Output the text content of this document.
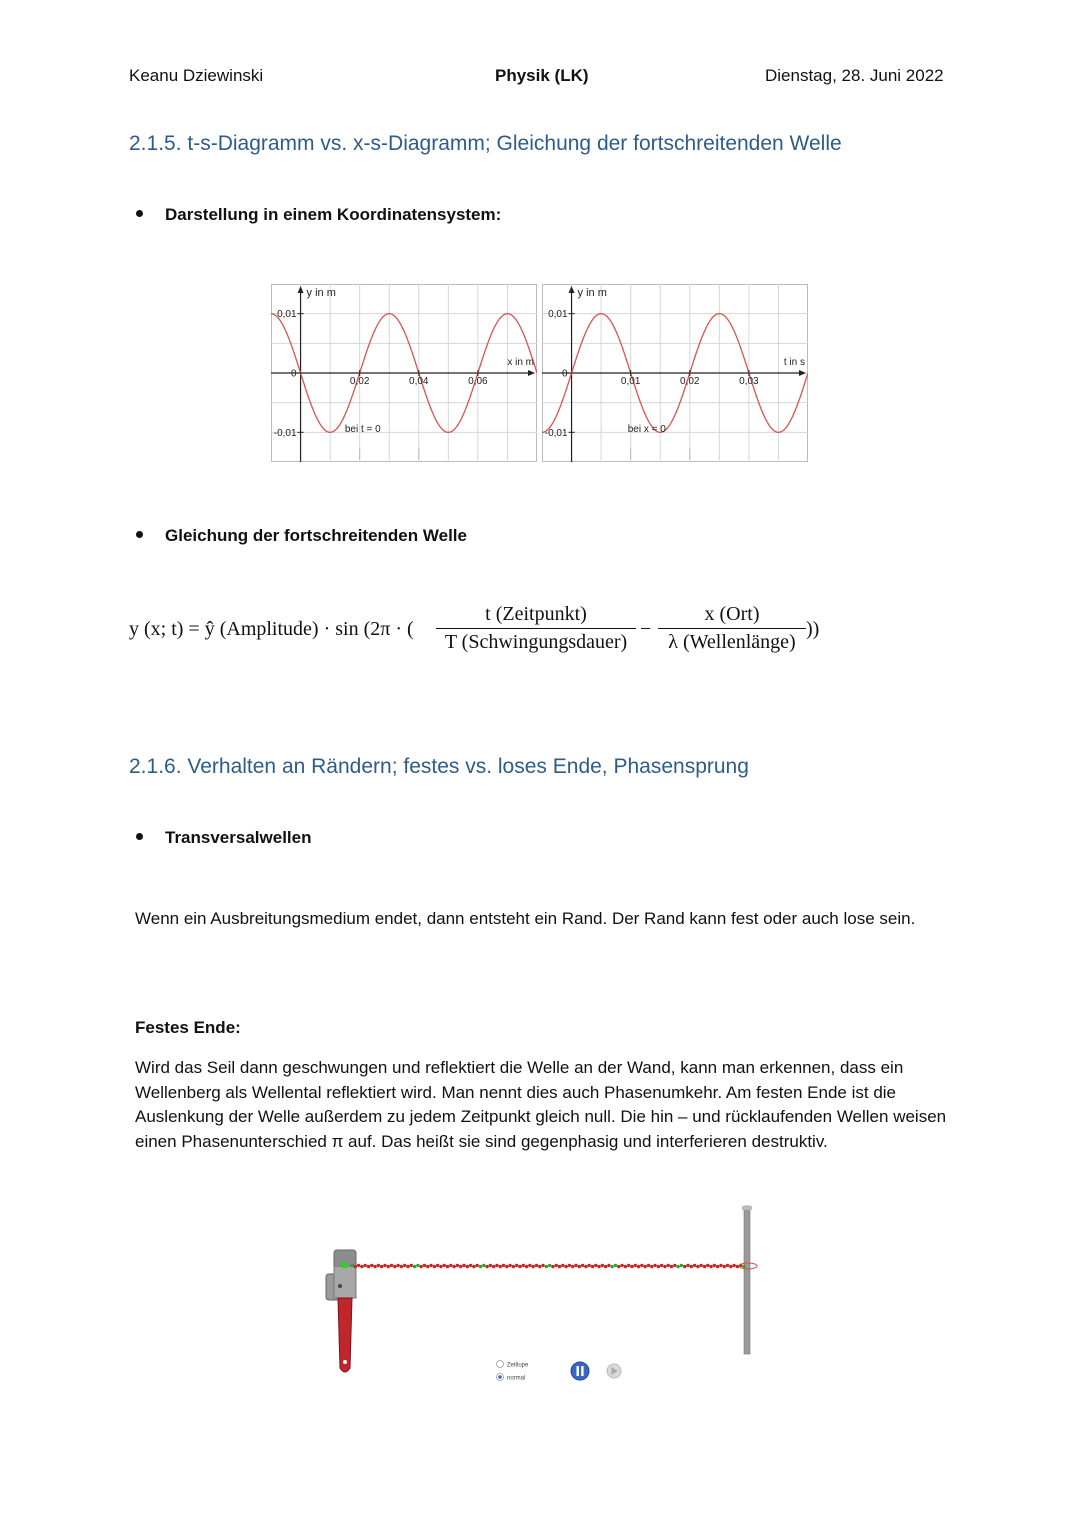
Keanu Dziewinski	Physik (LK)	Dienstag, 28. Juni 2022
2.1.5. t-s-Diagramm vs. x-s-Diagramm; Gleichung der fortschreitenden Welle
Darstellung in einem Koordinatensystem:
0,01
0
-0,01
0,02	0,04	0,06
y in m
x in m
bei t = 0
0,01
0
-0,01
0,01	0,02	0,03
y in m
t in s
bei x = 0
Gleichung der fortschreitenden Welle
y (x; t) = ŷ (Amplitude) · sin (2π · (
t (Zeitpunkt)
T (Schwingungsdauer)
−
x (Ort)
λ (Wellenlänge)
))
2.1.6. Verhalten an Rändern; festes vs. loses Ende, Phasensprung
Transversalwellen
Wenn ein Ausbreitungsmedium endet, dann entsteht ein Rand. Der Rand kann fest oder auch lose sein.
Festes Ende:
Wird das Seil dann geschwungen und reflektiert die Welle an der Wand, kann man erkennen, dass ein Wellenberg als Wellental reflektiert wird. Man nennt dies auch Phasenumkehr. Am festen Ende ist die Auslenkung der Welle außerdem zu jedem Zeitpunkt gleich null. Die hin – und rücklaufenden Wellen weisen einen Phasenunterschied π auf. Das heißt sie sind gegenphasig und interferieren destruktiv.
Zeitlupe
normal
